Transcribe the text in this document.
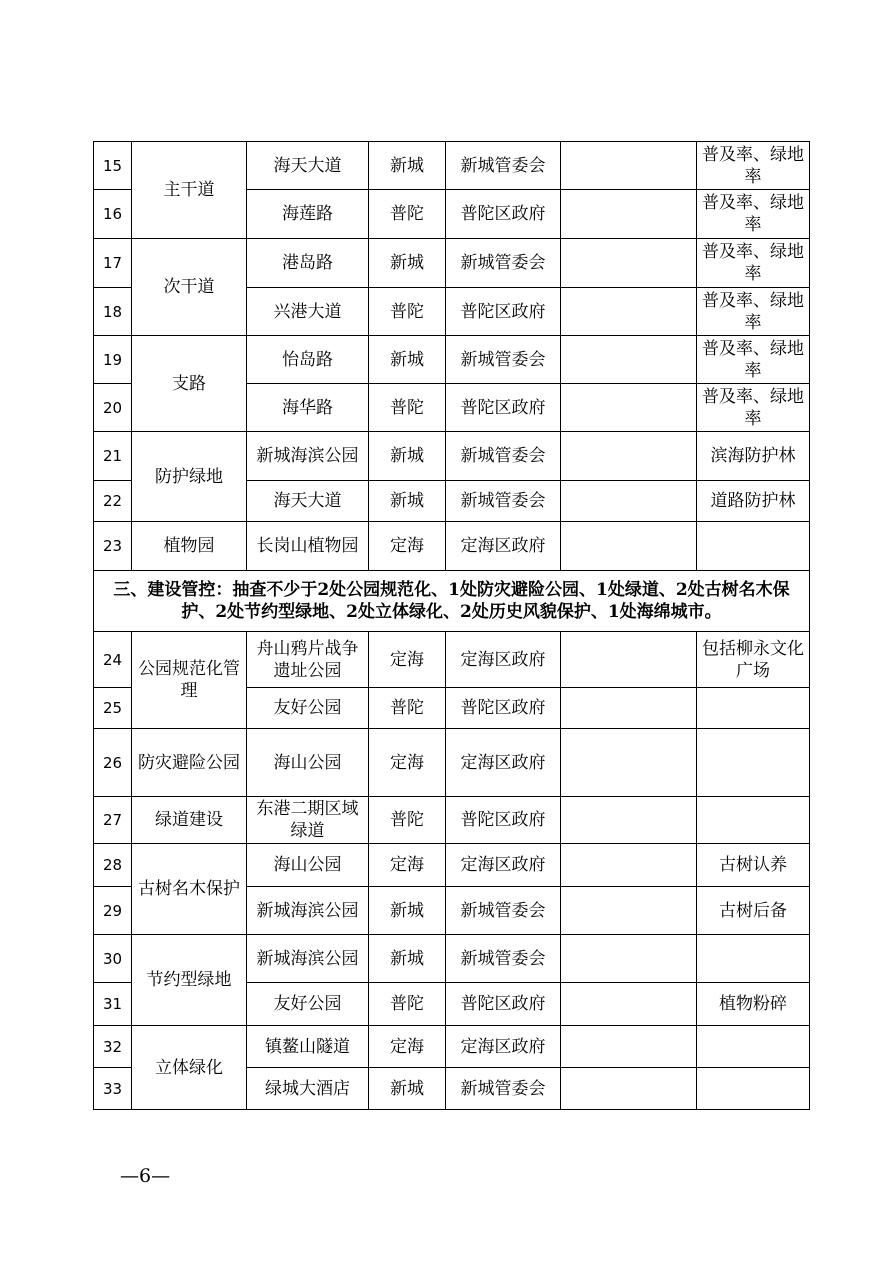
15	主干道	海天大道	新城	新城管委会		普及率、绿地率
16		海莲路	普陀	普陀区政府		普及率、绿地率
17	次干道	港岛路	新城	新城管委会		普及率、绿地率
18		兴港大道	普陀	普陀区政府		普及率、绿地率
19	支路	怡岛路	新城	新城管委会		普及率、绿地率
20		海华路	普陀	普陀区政府		普及率、绿地率
21	防护绿地	新城海滨公园	新城	新城管委会		滨海防护林
22		海天大道	新城	新城管委会		道路防护林
23	植物园	长岗山植物园	定海	定海区政府		
三、建设管控：抽查不少于2处公园规范化、1处防灾避险公园、1处绿道、2处古树名木保护、2处节约型绿地、2处立体绿化、2处历史风貌保护、1处海绵城市。						
24	公园规范化管理	舟山鸦片战争遗址公园	定海	定海区政府		包括柳永文化广场
25		友好公园	普陀	普陀区政府		
26	防灾避险公园	海山公园	定海	定海区政府		
27	绿道建设	东港二期区域绿道	普陀	普陀区政府		
28	古树名木保护	海山公园	定海	定海区政府		古树认养
29		新城海滨公园	新城	新城管委会		古树后备
30	节约型绿地	新城海滨公园	新城	新城管委会		
31		友好公园	普陀	普陀区政府		植物粉碎
32	立体绿化	镇鳌山隧道	定海	定海区政府		
33		绿城大酒店	新城	新城管委会		
—6—
